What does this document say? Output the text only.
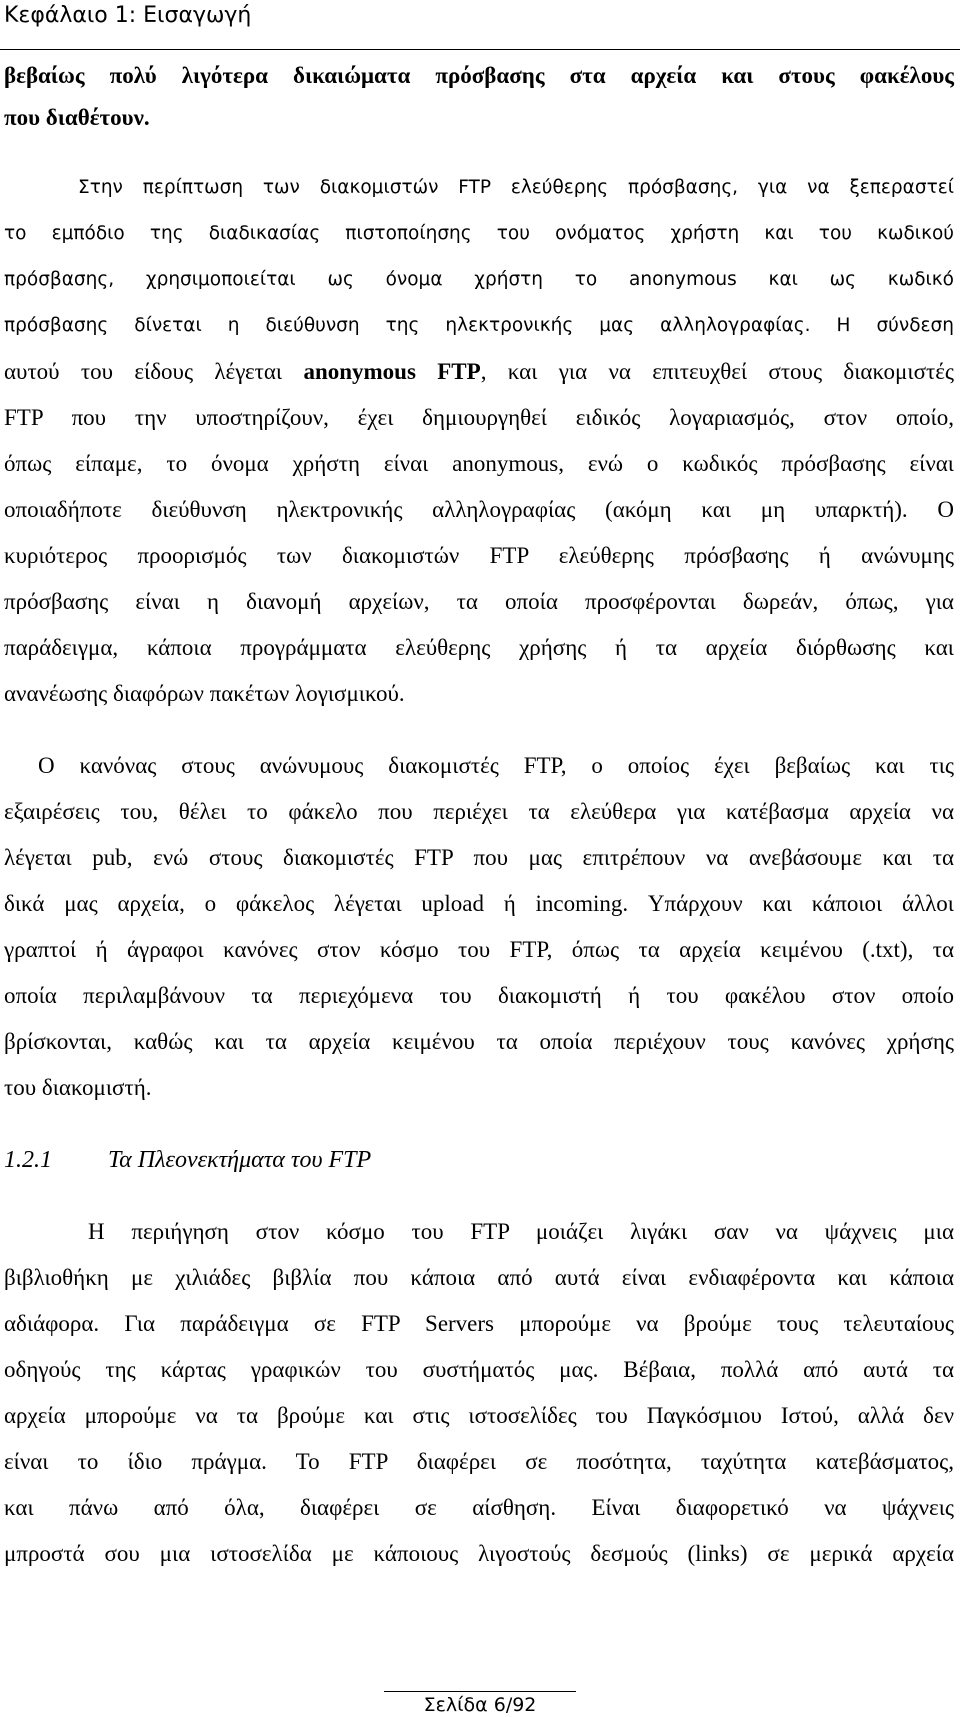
Κεφάλαιο 1: Εισαγωγή
βεβαίως πολύ λιγότερα δικαιώματα πρόσβασης στα αρχεία και στους φακέλους
που διαθέτουν.
Στην περίπτωση των διακομιστών FTP ελεύθερης πρόσβασης, για να ξεπεραστεί
το εμπόδιο της διαδικασίας πιστοποίησης του ονόματος χρήστη και του κωδικού
πρόσβασης, χρησιμοποιείται ως όνομα χρήστη το anonymous και ως κωδικό
πρόσβασης δίνεται η διεύθυνση της ηλεκτρονικής μας αλληλογραφίας. Η σύνδεση
αυτού του είδους λέγεται anonymous FTP, και για να επιτευχθεί στους διακομιστές
FTP που την υποστηρίζουν, έχει δημιουργηθεί ειδικός λογαριασμός, στον οποίο,
όπως είπαμε, το όνομα χρήστη είναι anonymous, ενώ ο κωδικός πρόσβασης είναι
οποιαδήποτε διεύθυνση ηλεκτρονικής αλληλογραφίας (ακόμη και μη υπαρκτή). Ο
κυριότερος προορισμός των διακομιστών FTP ελεύθερης πρόσβασης ή ανώνυμης
πρόσβασης είναι η διανομή αρχείων, τα οποία προσφέρονται δωρεάν, όπως, για
παράδειγμα, κάποια προγράμματα ελεύθερης χρήσης ή τα αρχεία διόρθωσης και
ανανέωσης διαφόρων πακέτων λογισμικού.
Ο κανόνας στους ανώνυμους διακομιστές FTP, ο οποίος έχει βεβαίως και τις
εξαιρέσεις του, θέλει το φάκελο που περιέχει τα ελεύθερα για κατέβασμα αρχεία να
λέγεται pub, ενώ στους διακομιστές FTP που μας επιτρέπουν να ανεβάσουμε και τα
δικά μας αρχεία, ο φάκελος λέγεται upload ή incoming. Υπάρχουν και κάποιοι άλλοι
γραπτοί ή άγραφοι κανόνες στον κόσμο του FTP, όπως τα αρχεία κειμένου (.txt), τα
οποία περιλαμβάνουν τα περιεχόμενα του διακομιστή ή του φακέλου στον οποίο
βρίσκονται, καθώς και τα αρχεία κειμένου τα οποία περιέχουν τους κανόνες χρήσης
του διακομιστή.
1.2.1 Τα Πλεονεκτήματα του FTP
Η περιήγηση στον κόσμο του FTP μοιάζει λιγάκι σαν να ψάχνεις μια
βιβλιοθήκη με χιλιάδες βιβλία που κάποια από αυτά είναι ενδιαφέροντα και κάποια
αδιάφορα. Για παράδειγμα σε FTP Servers μπορούμε να βρούμε τους τελευταίους
οδηγούς της κάρτας γραφικών του συστήματός μας. Βέβαια, πολλά από αυτά τα
αρχεία μπορούμε να τα βρούμε και στις ιστοσελίδες του Παγκόσμιου Ιστού, αλλά δεν
είναι το ίδιο πράγμα. Το FTP διαφέρει σε ποσότητα, ταχύτητα κατεβάσματος,
και πάνω από όλα, διαφέρει σε αίσθηση. Είναι διαφορετικό να ψάχνεις
μπροστά σου μια ιστοσελίδα με κάποιους λιγοστούς δεσμούς (links) σε μερικά αρχεία
Σελίδα 6/92
